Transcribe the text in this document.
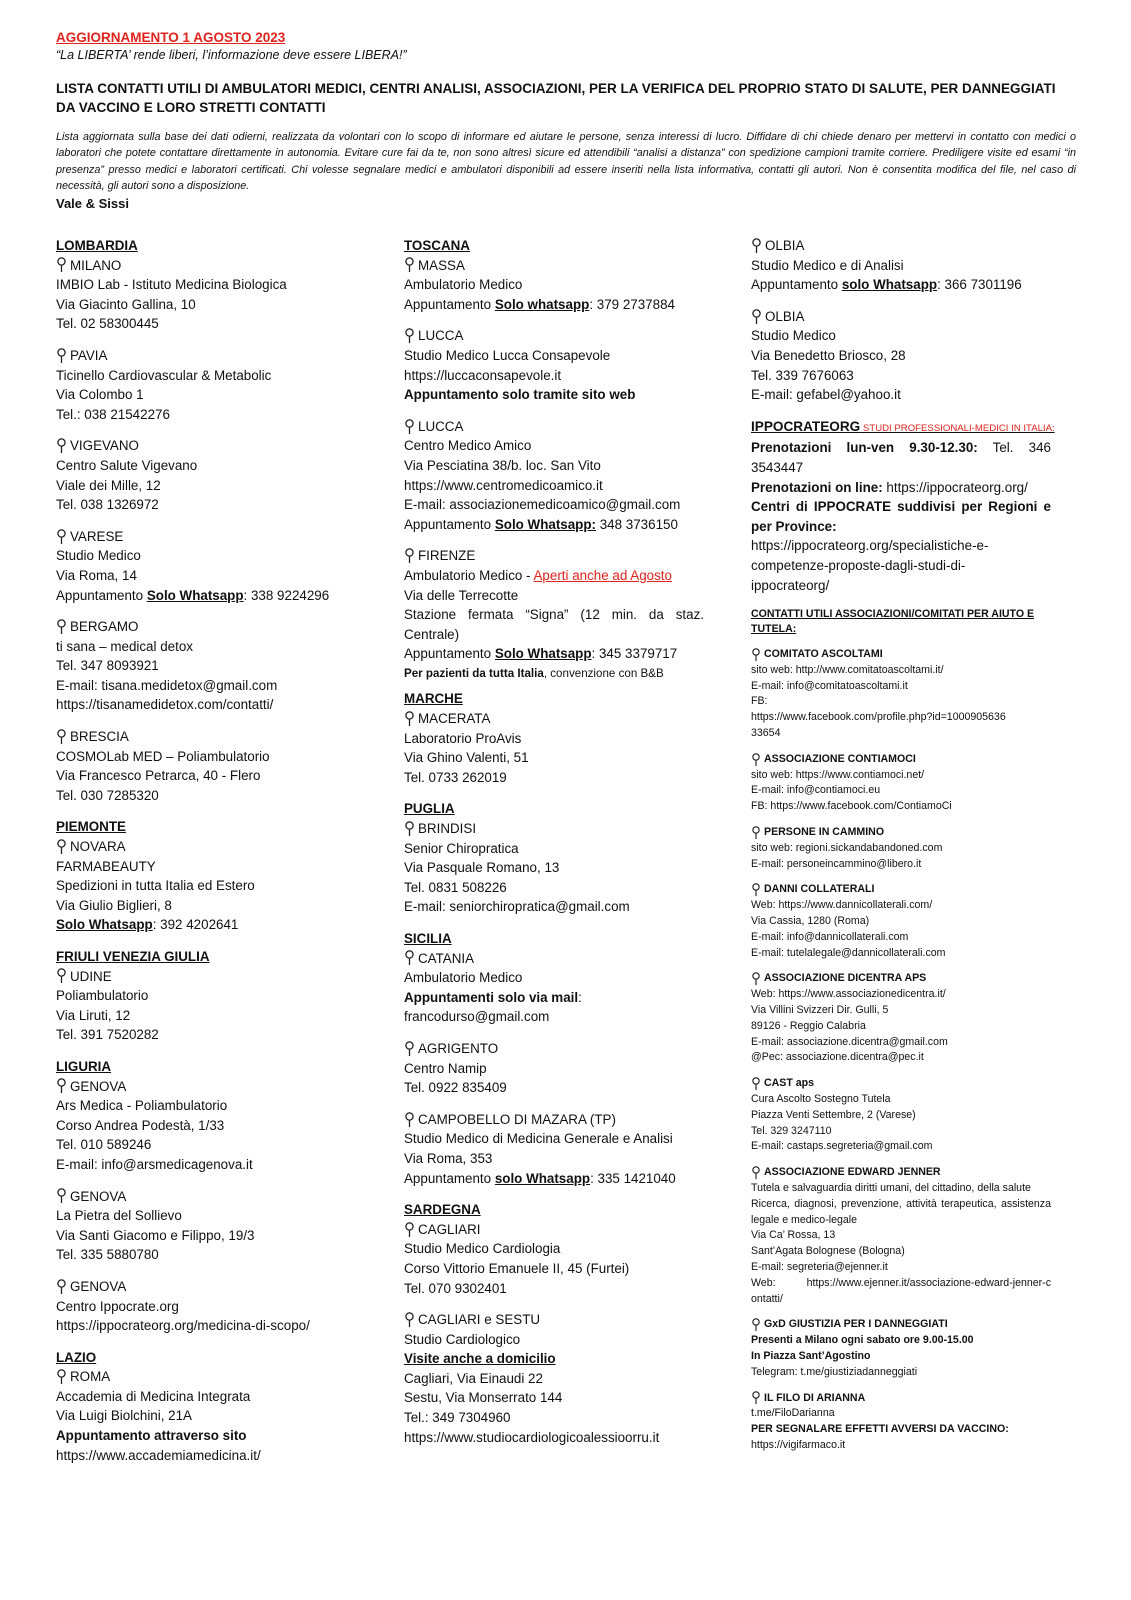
AGGIORNAMENTO 1 AGOSTO 2023
“La LIBERTA’ rende liberi, l’informazione deve essere LIBERA!”
LISTA CONTATTI UTILI DI AMBULATORI MEDICI, CENTRI ANALISI, ASSOCIAZIONI, PER LA VERIFICA DEL PROPRIO STATO DI SALUTE, PER DANNEGGIATI DA VACCINO E LORO STRETTI CONTATTI
Lista aggiornata sulla base dei dati odierni, realizzata da volontari con lo scopo di informare ed aiutare le persone, senza interessi di lucro. Diffidare di chi chiede denaro per mettervi in contatto con medici o laboratori che potete contattare direttamente in autonomia. Evitare cure fai da te, non sono altresì sicure ed attendibili “analisi a distanza” con spedizione campioni tramite corriere. Prediligere visite ed esami “in presenza” presso medici e laboratori certificati. Chi volesse segnalare medici e ambulatori disponibili ad essere inseriti nella lista informativa, contatti gli autori. Non è consentita modifica del file, nel caso di necessità, gli autori sono a disposizione.
Vale & Sissi
LOMBARDIA
MILANO
IMBIO Lab - Istituto Medicina Biologica
Via Giacinto Gallina, 10
Tel. 02 58300445
PAVIA
Ticinello Cardiovascular & Metabolic
Via Colombo 1
Tel.: 038 21542276
VIGEVANO
Centro Salute Vigevano
Viale dei Mille, 12
Tel. 038 1326972
VARESE
Studio Medico
Via Roma, 14
Appuntamento Solo Whatsapp: 338 9224296
BERGAMO
ti sana – medical detox
Tel. 347 8093921
E-mail: tisana.medidetox@gmail.com
https://tisanamedidetox.com/contatti/
BRESCIA
COSMOLab MED – Poliambulatorio
Via Francesco Petrarca, 40 - Flero
Tel. 030 7285320
PIEMONTE
NOVARA
FARMABEAUTY
Spedizioni in tutta Italia ed Estero
Via Giulio Biglieri, 8
Solo Whatsapp: 392 4202641
FRIULI VENEZIA GIULIA
UDINE
Poliambulatorio
Via Liruti, 12
Tel. 391 7520282
LIGURIA
GENOVA
Ars Medica - Poliambulatorio
Corso Andrea Podestà, 1/33
Tel. 010 589246
E-mail: info@arsmedicagenova.it
GENOVA
La Pietra del Sollievo
Via Santi Giacomo e Filippo, 19/3
Tel. 335 5880780
GENOVA
Centro Ippocrate.org
https://ippocrateorg.org/medicina-di-scopo/
LAZIO
ROMA
Accademia di Medicina Integrata
Via Luigi Biolchini, 21A
Appuntamento attraverso sito
https://www.accademiamedicina.it/
TOSCANA
MASSA
Ambulatorio Medico
Appuntamento Solo whatsapp: 379 2737884
LUCCA
Studio Medico Lucca Consapevole
https://luccaconsapevole.it
Appuntamento solo tramite sito web
LUCCA
Centro Medico Amico
Via Pesciatina 38/b. loc. San Vito
https://www.centromedicoamico.it
E-mail: associazionemedicoamico@gmail.com
Appuntamento Solo Whatsapp: 348 3736150
FIRENZE
Ambulatorio Medico - Aperti anche ad Agosto
Via delle Terrecotte
Stazione fermata “Signa” (12 min. da staz. Centrale)
Appuntamento Solo Whatsapp: 345 3379717
Per pazienti da tutta Italia, convenzione con B&B
MARCHE
MACERATA
Laboratorio ProAvis
Via Ghino Valenti, 51
Tel. 0733 262019
PUGLIA
BRINDISI
Senior Chiropratica
Via Pasquale Romano, 13
Tel. 0831 508226
E-mail: seniorchiropratica@gmail.com
SICILIA
CATANIA
Ambulatorio Medico
Appuntamenti solo via mail:
francodurso@gmail.com
AGRIGENTO
Centro Namip
Tel. 0922 835409
CAMPOBELLO DI MAZARA (TP)
Studio Medico di Medicina Generale e Analisi
Via Roma, 353
Appuntamento solo Whatsapp: 335 1421040
SARDEGNA
CAGLIARI
Studio Medico Cardiologia
Corso Vittorio Emanuele II, 45 (Furtei)
Tel. 070 9302401
CAGLIARI e SESTU
Studio Cardiologico
Visite anche a domicilio
Cagliari, Via Einaudi 22
Sestu, Via Monserrato 144
Tel.: 349 7304960
https://www.studiocardiologicoalessioorru.it
OLBIA
Studio Medico e di Analisi
Appuntamento solo Whatsapp: 366 7301196
OLBIA
Studio Medico
Via Benedetto Briosco, 28
Tel. 339 7676063
E-mail: gefabel@yahoo.it
IPPOCRATEORG STUDI PROFESSIONALI-MEDICI IN ITALIA:
Prenotazioni lun-ven 9.30-12.30: Tel. 346 3543447
Prenotazioni on line: https://ippocrateorg.org/
Centri di IPPOCRATE suddivisi per Regioni e per Province:
https://ippocrateorg.org/specialistiche-e-
competenze-proposte-dagli-studi-di-
ippocrateorg/
CONTATTI UTILI ASSOCIAZIONI/COMITATI PER AIUTO E TUTELA:
COMITATO ASCOLTAMI
sito web: http://www.comitatoascoltami.it/
E-mail: info@comitatoascoltami.it
FB:
https://www.facebook.com/profile.php?id=1000905636
33654
ASSOCIAZIONE CONTIAMOCI
sito web: https://www.contiamoci.net/
E-mail: info@contiamoci.eu
FB: https://www.facebook.com/ContiamoCi
PERSONE IN CAMMINO
sito web: regioni.sickandabandoned.com
E-mail: personeincammino@libero.it
DANNI COLLATERALI
Web: https://www.dannicollaterali.com/
Via Cassia, 1280 (Roma)
E-mail: info@dannicollaterali.com
E-mail: tutelalegale@dannicollaterali.com
ASSOCIAZIONE DICENTRA APS
Web: https://www.associazionedicentra.it/
Via Villini Svizzeri Dir. Gulli, 5
89126 - Reggio Calabria
E-mail: associazione.dicentra@gmail.com
@Pec: associazione.dicentra@pec.it
CAST aps
Cura Ascolto Sostegno Tutela
Piazza Venti Settembre, 2 (Varese)
Tel. 329 3247110
E-mail: castaps.segreteria@gmail.com
ASSOCIAZIONE EDWARD JENNER
Tutela e salvaguardia diritti umani, del cittadino, della salute
Ricerca, diagnosi, prevenzione, attività terapeutica, assistenza legale e medico-legale
Via Ca’ Rossa, 13
Sant’Agata Bolognese (Bologna)
E-mail: segreteria@ejenner.it
Web:         https://www.ejenner.it/associazione-edward-jenner-contatti/
GxD GIUSTIZIA PER I DANNEGGIATI
Presenti a Milano ogni sabato ore 9.00-15.00
In Piazza Sant’Agostino
Telegram: t.me/giustiziadanneggiati
IL FILO DI ARIANNA
t.me/FiloDarianna
PER SEGNALARE EFFETTI AVVERSI DA VACCINO:
https://vigifarmaco.it
